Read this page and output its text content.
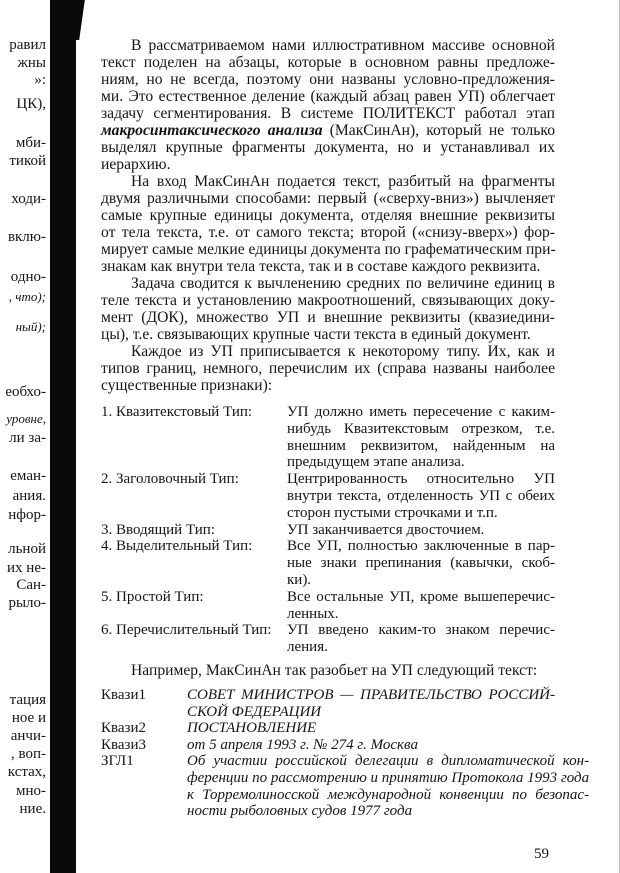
равил
жны
»:
ЦК),
мби-
тикой
ходи-
вклю-
одно-
, что);
ный);
еобхо-
уровне,
ли за-
еман-
ания.
нфор-
льной
их не-
Сан-
рыло-
тация
ное и
анчи-
, воп-
кстах,
мно-
ние.
В рассматриваемом нами иллюстративном массиве основной
текст поделен на абзацы, которые в основном равны предложе-
ниям, но не всегда, поэтому они названы условно-предложения-
ми. Это естественное деление (каждый абзац равен УП) облегчает
задачу сегментирования. В системе ПОЛИТЕКСТ работал этап
макросинтаксического анализа (МакСинАн), который не только
выделял крупные фрагменты документа, но и устанавливал их
иерархию.
На вход МакСинАн подается текст, разбитый на фрагменты
двумя различными способами: первый («сверху-вниз») вычленяет
самые крупные единицы документа, отделяя внешние реквизиты
от тела текста, т.е. от самого текста; второй («снизу-вверх») фор-
мирует самые мелкие единицы документа по графематическим при-
знакам как внутри тела текста, так и в составе каждого реквизита.
Задача сводится к вычленению средних по величине единиц в
теле текста и установлению макроотношений, связывающих доку-
мент (ДОК), множество УП и внешние реквизиты (квазиедини-
цы), т.е. связывающих крупные части текста в единый документ.
Каждое из УП приписывается к некоторому типу. Их, как и
типов границ, немного, перечислим их (справа названы наиболее
существенные признаки):
1. Квазитекстовый Тип:	УП должно иметь пересечение с каким-
нибудь Квазитекстовым отрезком, т.е.
внешним реквизитом, найденным на
предыдущем этапе анализа.
2. Заголовочный Тип:	Центрированность относительно УП
внутри текста, отделенность УП с обеих
сторон пустыми строчками и т.п.
3. Вводящий Тип:	УП заканчивается двосточием.
4. Выделительный Тип:	Все УП, полностью заключенные в пар-
ные знаки препинания (кавычки, скоб-
ки).
5. Простой Тип:	Все остальные УП, кроме вышеперечис-
ленных.
6. Перечислительный Тип:	УП введено каким-то знаком перечис-
ления.
Например, МакСинАн так разобьет на УП следующий текст:
Квази1	СОВЕТ МИНИСТРОВ — ПРАВИТЕЛЬСТВО РОССИЙ-
СКОЙ ФЕДЕРАЦИИ
Квази2	ПОСТАНОВЛЕНИЕ
Квази3	от 5 апреля 1993 г. № 274 г. Москва
ЗГЛ1	Об участии российской делегации в дипломатической кон-
ференции по рассмотрению и принятию Протокола 1993 года
к Торремолиносской международной конвенции по безопас-
ности рыболовных судов 1977 года
59
